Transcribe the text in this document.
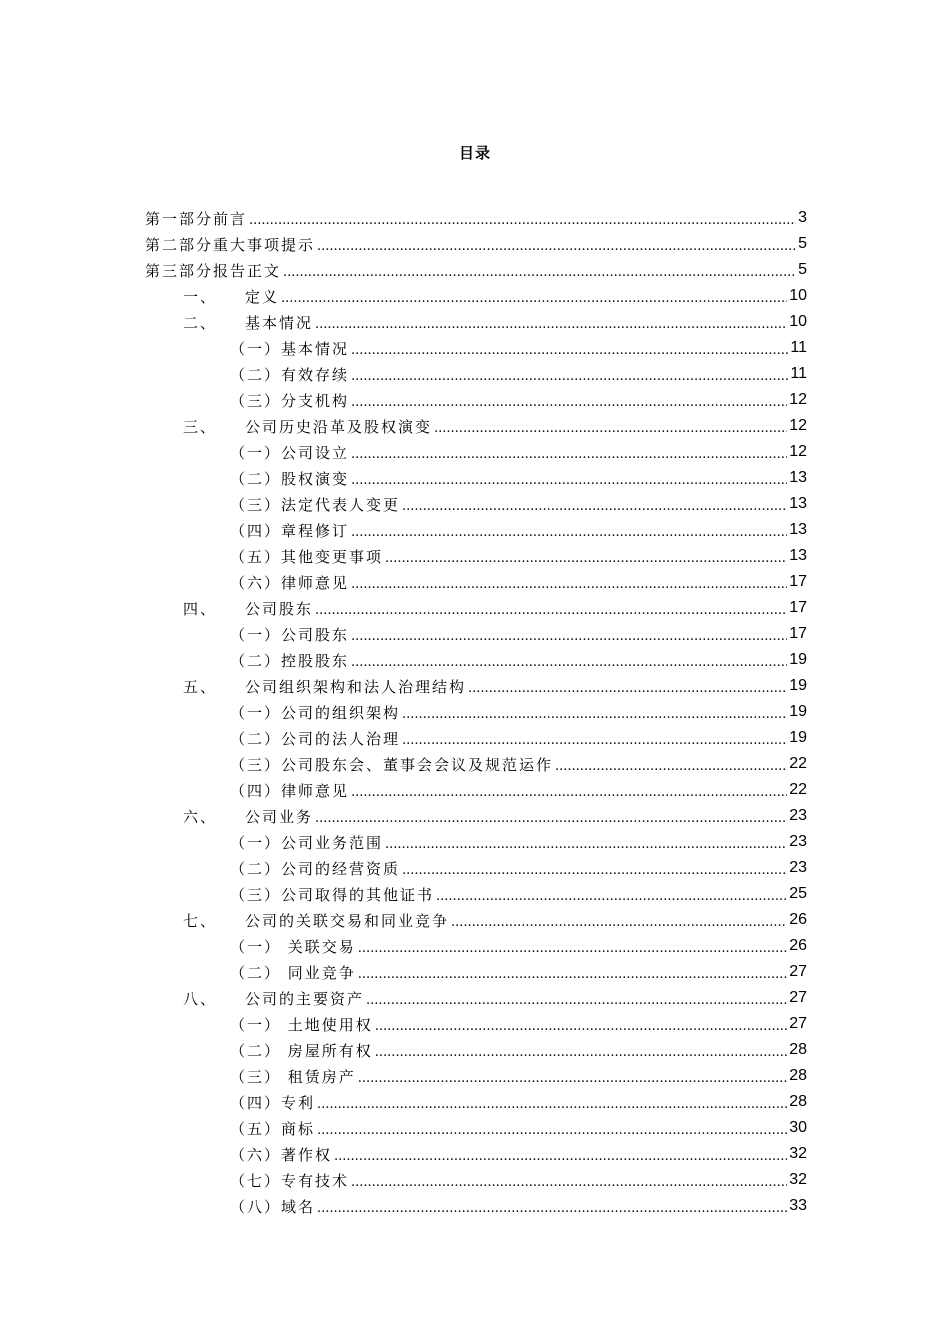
目录
第一部分前言 .....	3
第二部分重大事项提示 .....	5
第三部分报告正文 .....	5
一、	定义 .....	10
二、	基本情况 .....	10
（一）基本情况 .....	11
（二）有效存续 .....	11
（三）分支机构 .....	12
三、	公司历史沿革及股权演变 .....	12
（一）公司设立 .....	12
（二）股权演变 .....	13
（三）法定代表人变更 .....	13
（四）章程修订 .....	13
（五）其他变更事项 .....	13
（六）律师意见 .....	17
四、	公司股东 .....	17
（一）公司股东 .....	17
（二）控股股东 .....	19
五、	公司组织架构和法人治理结构 .....	19
（一）公司的组织架构 .....	19
（二）公司的法人治理 .....	19
（三）公司股东会、董事会会议及规范运作 .....	22
（四）律师意见 .....	22
六、	公司业务 .....	23
（一）公司业务范围 .....	23
（二）公司的经营资质 .....	23
（三）公司取得的其他证书 .....	25
七、	公司的关联交易和同业竞争 .....	26
（一） 关联交易 .....	26
（二） 同业竞争 .....	27
八、	公司的主要资产 .....	27
（一） 土地使用权 .....	27
（二） 房屋所有权 .....	28
（三） 租赁房产 .....	28
（四）专利 .....	28
（五）商标 .....	30
（六）著作权 .....	32
（七）专有技术 .....	32
（八）域名 .....	33
